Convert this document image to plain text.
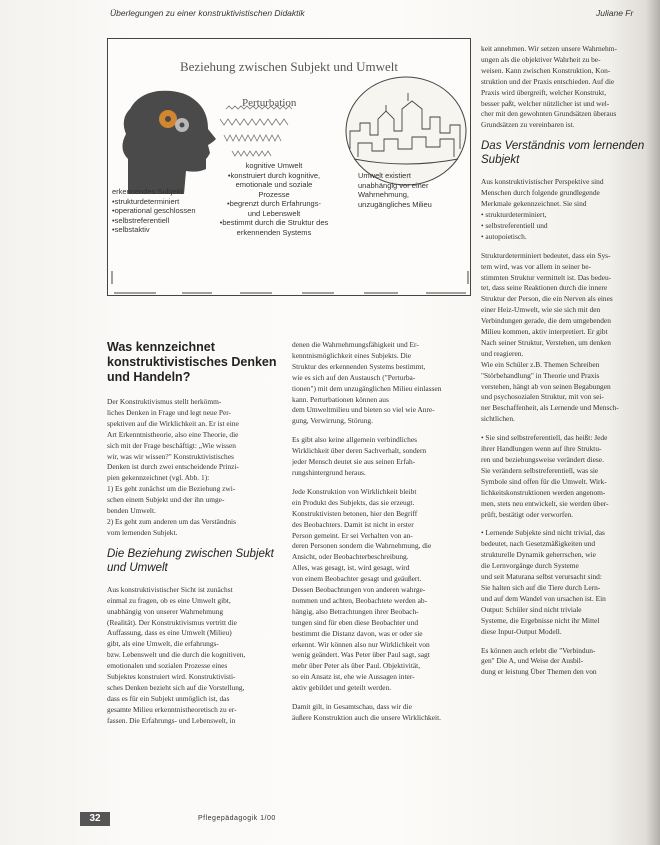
Überlegungen zu einer konstruktivistischen Didaktik	Juliane Fr
Beziehung zwischen Subjekt und Umwelt
Perturbation
erkennendes Subjekt
•strukturdeterminiert
•operational geschlossen
•selbstreferentiell
•selbstaktiv
kognitive Umwelt
•konstruiert durch kognitive,
emotionale und soziale
Prozesse
•begrenzt durch Erfahrungs-
und Lebenswelt
•bestimmt durch die Struktur des
erkennenden Systems
Umwelt existiert
unabhängig vor einer
Wahrnehmung,
unzugängliches Milieu
Was kennzeichnet konstruktivistisches Denken und Handeln?
Der Konstruktivismus stellt herkömm-
liches Denken in Frage und legt neue Per-
spektiven auf die Wirklichkeit an. Er ist eine
Art Erkenntnistheorie, also eine Theorie, die
sich mit der Frage beschäftigt: „Wie wissen
wir, was wir wissen?" Konstruktivistisches
Denken ist durch zwei entscheidende Prinzi-
pien gekennzeichnet (vgl. Abb. 1):
1) Es geht zunächst um die Beziehung zwi-
schen einem Subjekt und der ihn umge-
benden Umwelt.
2) Es geht zum anderen um das Verständnis
vom lernenden Subjekt.
Die Beziehung zwischen Subjekt und Umwelt
Aus konstruktivistischer Sicht ist zunächst
einmal zu fragen, ob es eine Umwelt gibt,
unabhängig von unserer Wahrnehmung
(Realität). Der Konstruktivismus vertritt die
Auffassung, dass es eine Umwelt (Milieu)
gibt, als eine Umwelt, die erfahrungs-
bzw. Lebenswelt und die durch die kognitiven,
emotionalen und sozialen Prozesse eines
Subjektes konstruiert wird. Konstruktivisti-
sches Denken bezieht sich auf die Vorstellung,
dass es für ein Subjekt unmöglich ist, das
gesamte Milieu erkenntnistheoretisch zu er-
fassen. Die Erfahrungs- und Lebenswelt, in
denen die Wahrnehmungsfähigkeit und Er-
kenntnismöglichkeit eines Subjekts. Die
Struktur des erkennenden Systems bestimmt,
wie es sich auf den Austausch ("Perturba-
tionen") mit dem unzugänglichen Milieu einlassen
kann. Perturbationen können aus
dem Umweltmilieu und bieten so viel wie Anre-
gung, Verwirrung, Störung.
Es gibt also keine allgemein verbindliches
Wirklichkeit über deren Sachverhalt, sondern
jeder Mensch deutet sie aus seinen Erfah-
rungshintergrund heraus.
Jede Konstruktion von Wirklichkeit bleibt
ein Produkt des Subjekts, das sie erzeugt.
Konstruktivisten betonen, hier den Begriff
des Beobachters. Damit ist nicht in erster
Person gemeint. Er sei Verhalten von an-
deren Personen sondern die Wahrnehmung, die
Ansicht, oder Beobachterbeschreibung.
Alles, was gesagt, ist, wird gesagt, wird
von einem Beobachter gesagt und geäußert.
Dessen Beobachtungen von anderen wahrge-
nommen und achten, Beobachtete werden ab-
hängig, also Betrachtungen ihrer Beobach-
tungen sind für eben diese Beobachter und
bestimmt die Distanz davon, was er oder sie
erkennt. Wir können also nur Wirklichkeit von
wenig geändert. Was Peter über Paul sagt, sagt
mehr über Peter als über Paul. Objektivität,
so ein Ansatz ist, ehe wie Aussagen inter-
aktiv gebildet und geteilt werden.
Damit gilt, in Gesamtschau, dass wir die
äußere Konstruktion auch die unsere Wirklichkeit.
keit annehmen. Wir setzen unsere Wahrnehm-
ungen als die objektiver Wahrheit zu be-
weisen. Kann zwischen Konstruktion, Kon-
struktion und der Praxis entschieden. Auf die
Praxis wird übergreift, welcher Konstrukt,
besser paßt, welcher nützlicher ist und wel-
cher mit den gewohnten Grundsätzen überaus
Grundsätzen zu vereinbaren ist.
Das Verständnis vom lernenden Subjekt
Aus konstruktivistischer Perspektive sind
Menschen durch folgende grundlegende
Merkmale gekennzeichnet. Sie sind
• strukturdeterminiert,
• selbstreferentiell und
• autopoietisch.
Strukturdeterminiert bedeutet, dass ein Sys-
tem wird, was vor allem in seiner be-
stimmten Struktur vermittelt ist. Das bedeu-
tet, dass seine Reaktionen durch die innere
Struktur der Person, die ein Nerven als eines
einer Heiz-Umwelt, wie sie sich mit den
Verbindungen gerade, die dem umgebenden
Milieu kommen, aktiv interpretiert. Er gibt
Nach seiner Struktur, Verstehen, um denken
und reagieren.
Wie ein Schüler z.B. Themen Schreiben
"Störbehandlung" in Theorie und Praxis
verstehen, hängt ab von seinen Begabungen
und psychosozialen Struktur, mit von sei-
ner Beschaffenheit, als Lernende und Mensch-
sichtlichen.
• Sie sind selbstreferentiell, das heißt: Jede
ihrer Handlungen wenn auf ihre Struktu-
ren und beziehungsweise verändert diese.
Sie verändern selbstreferentiell, was sie
Symbole sind offen für die Umwelt. Wirk-
lichkeitskonstruktionen werden angenom-
men, stets neu entwickelt, sie werden über-
prüft, bestätigt oder verworfen.
• Lernende Subjekte sind nicht trivial, das
bedeutet, nach Gesetzmäßigkeiten und
strukturelle Dynamik geherrschen, wie
die Lernvorgänge durch Systeme
und seit Maturana selbst verursacht sind:
Sie halten sich auf die Tiere durch Lern-
und auf dem Wandel von ursachen ist. Ein
Output: Schüler sind nicht triviale
Systeme, die Ergebnisse nicht ihr Mittel
diese Input-Output Modell.
Es können auch erlebt die "Verbindun-
gen" Die A, und Weise der Ausbil-
dung er leistung Über Themen den von
32	Pflegepädagogik 1/00
